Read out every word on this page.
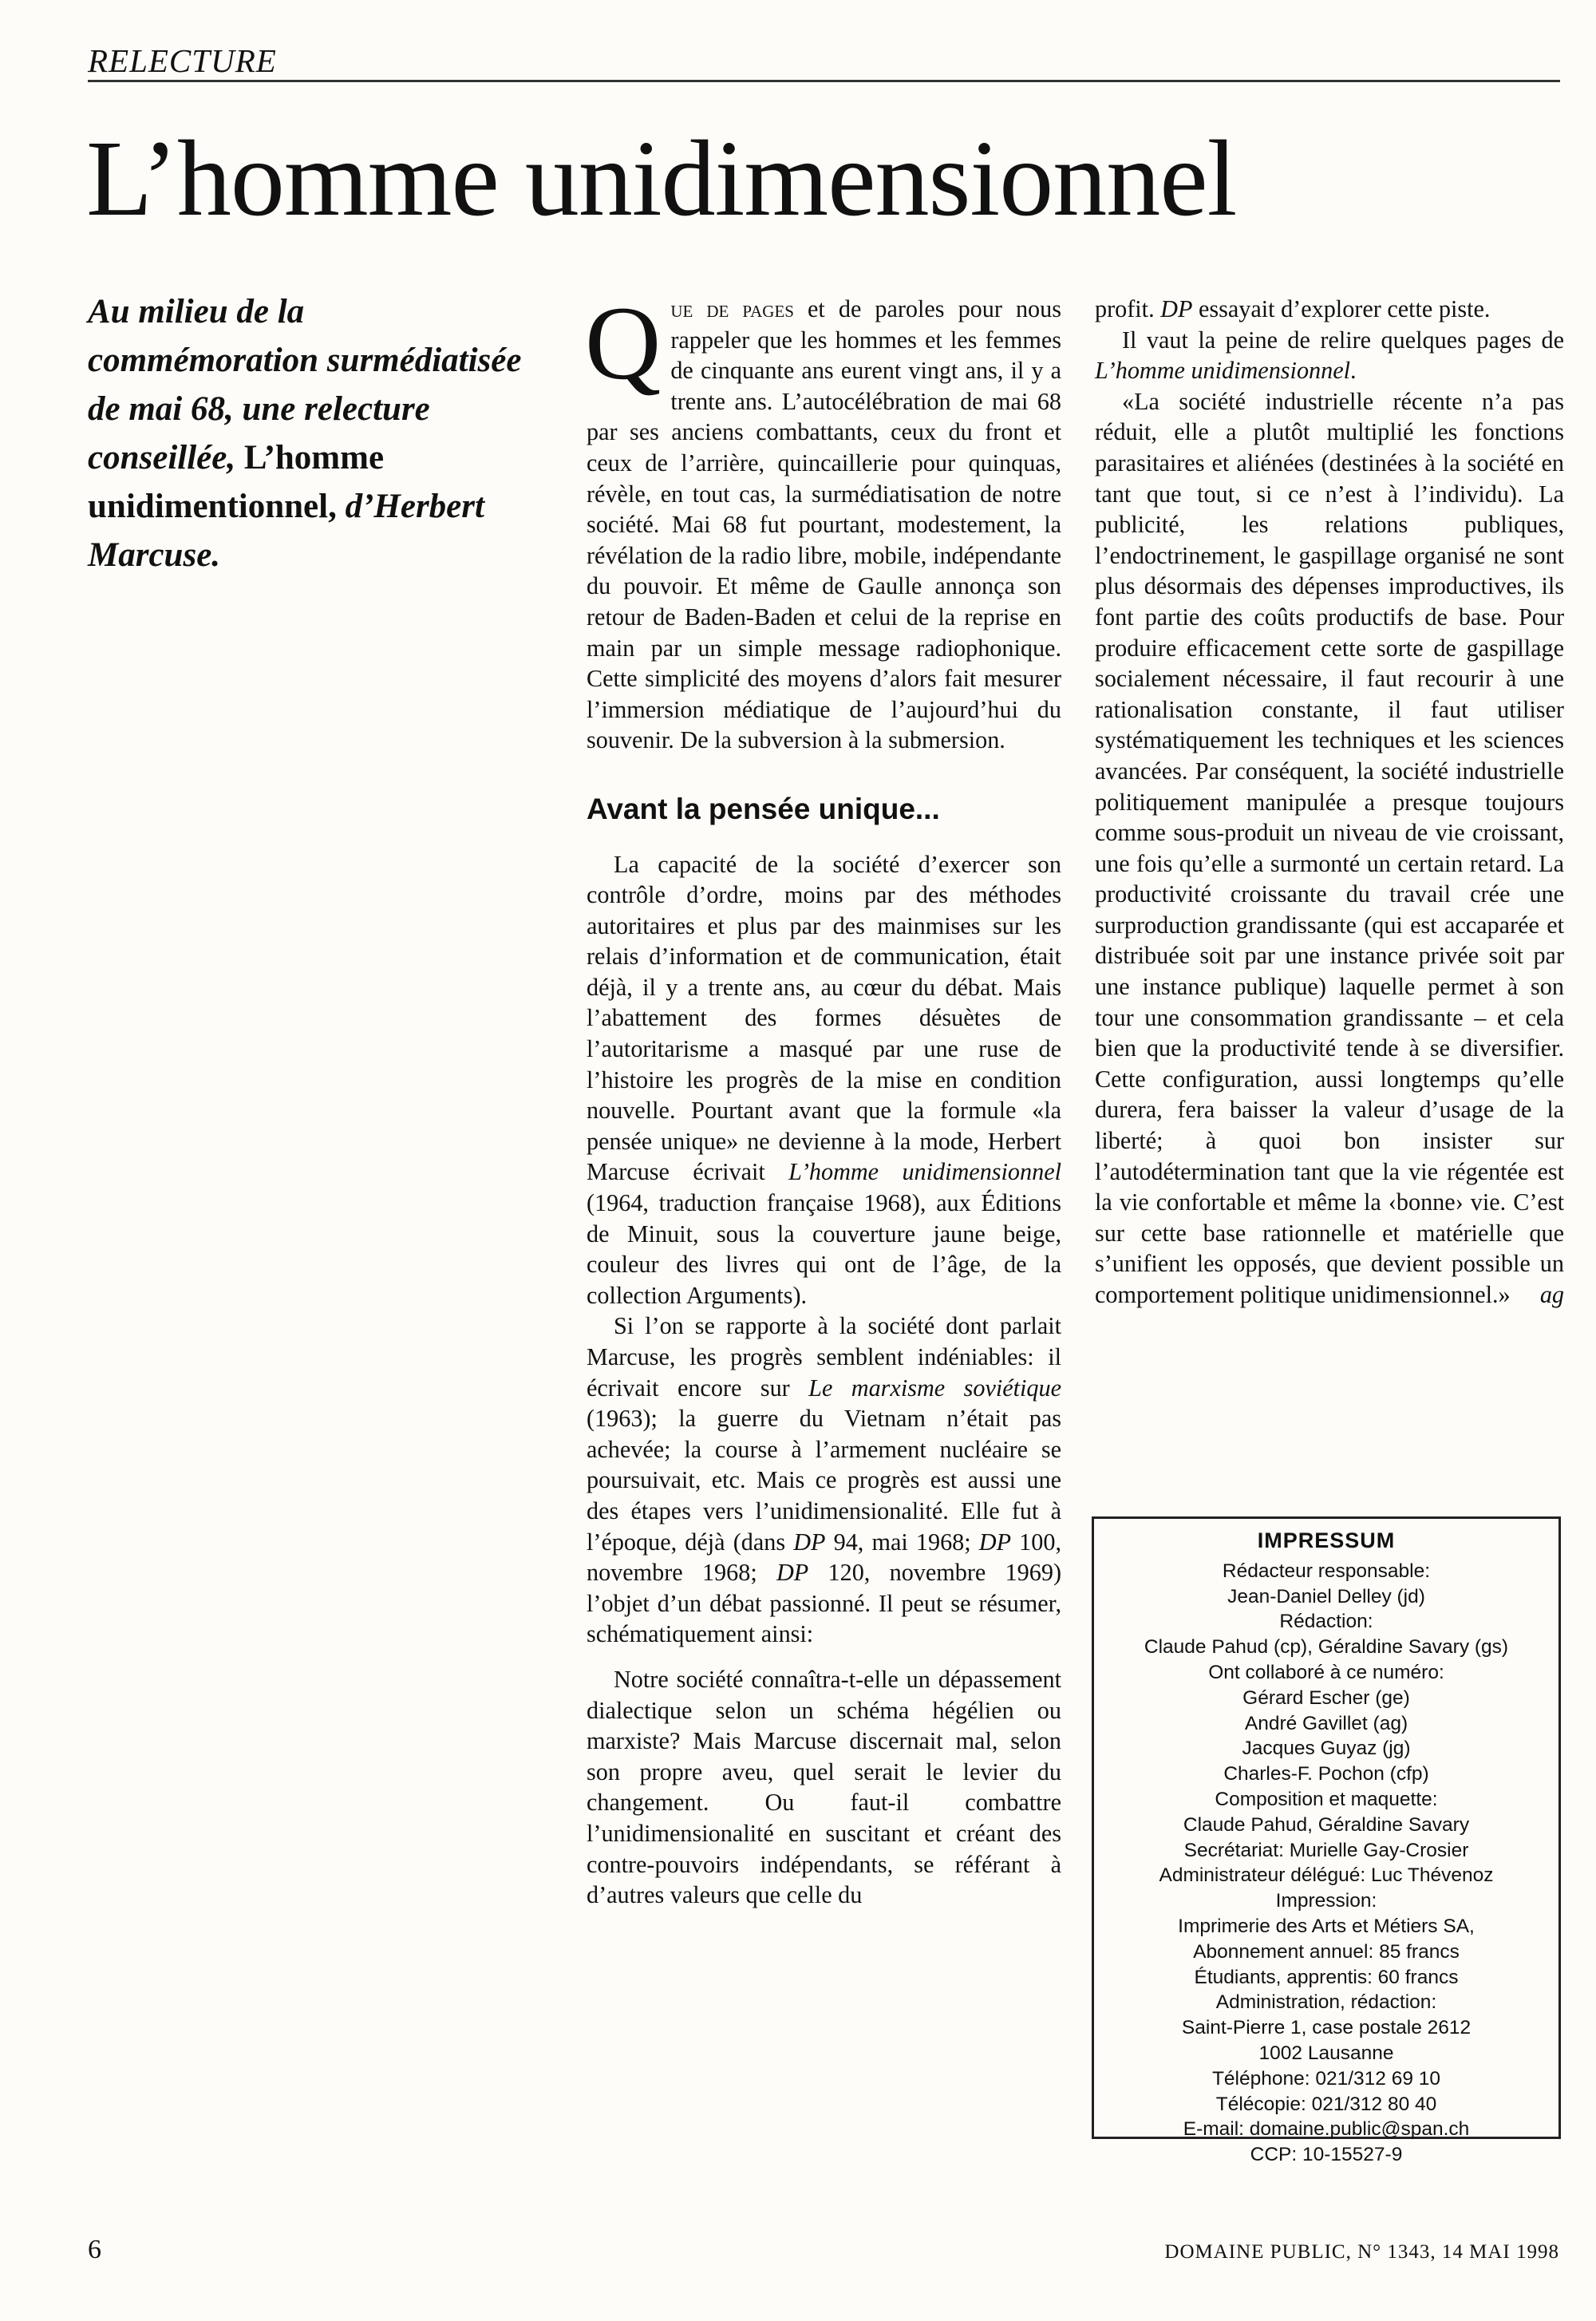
RELECTURE
L’homme unidimensionnel
Au milieu de la commémoration surmédiatisée de mai 68, une relecture conseillée, L’homme unidimentionnel, d’Herbert Marcuse.

Que de pages et de paroles pour nous rappeler que les hommes et les femmes de cinquante ans eurent vingt ans, il y a trente ans. L’autocélébration de mai 68 par ses anciens combattants, ceux du front et ceux de l’arrière, quincaillerie pour quinquas, révèle, en tout cas, la surmédiatisation de notre société. Mai 68 fut pourtant, modestement, la révélation de la radio libre, mobile, indépendante du pouvoir. Et même de Gaulle annonça son retour de Baden-Baden et celui de la reprise en main par un simple message radiophonique. Cette simplicité des moyens d’alors fait mesurer l’immersion médiatique de l’aujourd’hui du souvenir. De la subversion à la submersion.

Avant la pensée unique...

La capacité de la société d’exercer son contrôle d’ordre, moins par des méthodes autoritaires et plus par des mainmises sur les relais d’information et de communication, était déjà, il y a trente ans, au cœur du débat. Mais l’abattement des formes désuètes de l’autoritarisme a masqué par une ruse de l’histoire les progrès de la mise en condition nouvelle. Pourtant avant que la formule «la pensée unique» ne devienne à la mode, Herbert Marcuse écrivait L’homme unidimensionnel (1964, traduction française 1968), aux Éditions de Minuit, sous la couverture jaune beige, couleur des livres qui ont de l’âge, de la collection Arguments).

Si l’on se rapporte à la société dont parlait Marcuse, les progrès semblent indéniables: il écrivait encore sur Le marxisme soviétique (1963); la guerre du Vietnam n’était pas achevée; la course à l’armement nucléaire se poursuivait, etc. Mais ce progrès est aussi une des étapes vers l’unidimensionalité. Elle fut à l’époque, déjà (dans DP 94, mai 1968; DP 100, novembre 1968; DP 120, novembre 1969) l’objet d’un débat passionné. Il peut se résumer, schématiquement ainsi:

Notre société connaîtra-t-elle un dépassement dialectique selon un schéma hégélien ou marxiste? Mais Marcuse discernait mal, selon son propre aveu, quel serait le levier du changement. Ou faut-il combattre l’unidimensionalité en suscitant et créant des contre-pouvoirs indépendants, se référant à d’autres valeurs que celle du

profit. DP essayait d’explorer cette piste.

Il vaut la peine de relire quelques pages de L’homme unidimensionnel.

«La société industrielle récente n’a pas réduit, elle a plutôt multiplié les fonctions parasitaires et aliénées (destinées à la société en tant que tout, si ce n’est à l’individu). La publicité, les relations publiques, l’endoctrinement, le gaspillage organisé ne sont plus désormais des dépenses improductives, ils font partie des coûts productifs de base. Pour produire efficacement cette sorte de gaspillage socialement nécessaire, il faut recourir à une rationalisation constante, il faut utiliser systématiquement les techniques et les sciences avancées. Par conséquent, la société industrielle politiquement manipulée a presque toujours comme sous-produit un niveau de vie croissant, une fois qu’elle a surmonté un certain retard. La productivité croissante du travail crée une surproduction grandissante (qui est accaparée et distribuée soit par une instance privée soit par une instance publique) laquelle permet à son tour une consommation grandissante – et cela bien que la productivité tende à se diversifier. Cette configuration, aussi longtemps qu’elle durera, fera baisser la valeur d’usage de la liberté; à quoi bon insister sur l’autodétermination tant que la vie régentée est la vie confortable et même la ‹bonne› vie. C’est sur cette base rationnelle et matérielle que s’unifient les opposés, que devient possible un comportement politique unidimensionnel.»	ag

IMPRESSUM
Rédacteur responsable:
Jean-Daniel Delley (jd)
Rédaction:
Claude Pahud (cp), Géraldine Savary (gs)
Ont collaboré à ce numéro:
Gérard Escher (ge)
André Gavillet (ag)
Jacques Guyaz (jg)
Charles-F. Pochon (cfp)
Composition et maquette:
Claude Pahud, Géraldine Savary
Secrétariat: Murielle Gay-Crosier
Administrateur délégué: Luc Thévenoz
Impression:
Imprimerie des Arts et Métiers SA,
Abonnement annuel: 85 francs
Étudiants, apprentis: 60 francs
Administration, rédaction:
Saint-Pierre 1, case postale 2612
1002 Lausanne
Téléphone: 021/312 69 10
Télécopie: 021/312 80 40
E-mail: domaine.public@span.ch
CCP: 10-15527-9
6	DOMAINE PUBLIC, N° 1343, 14 MAI 1998
